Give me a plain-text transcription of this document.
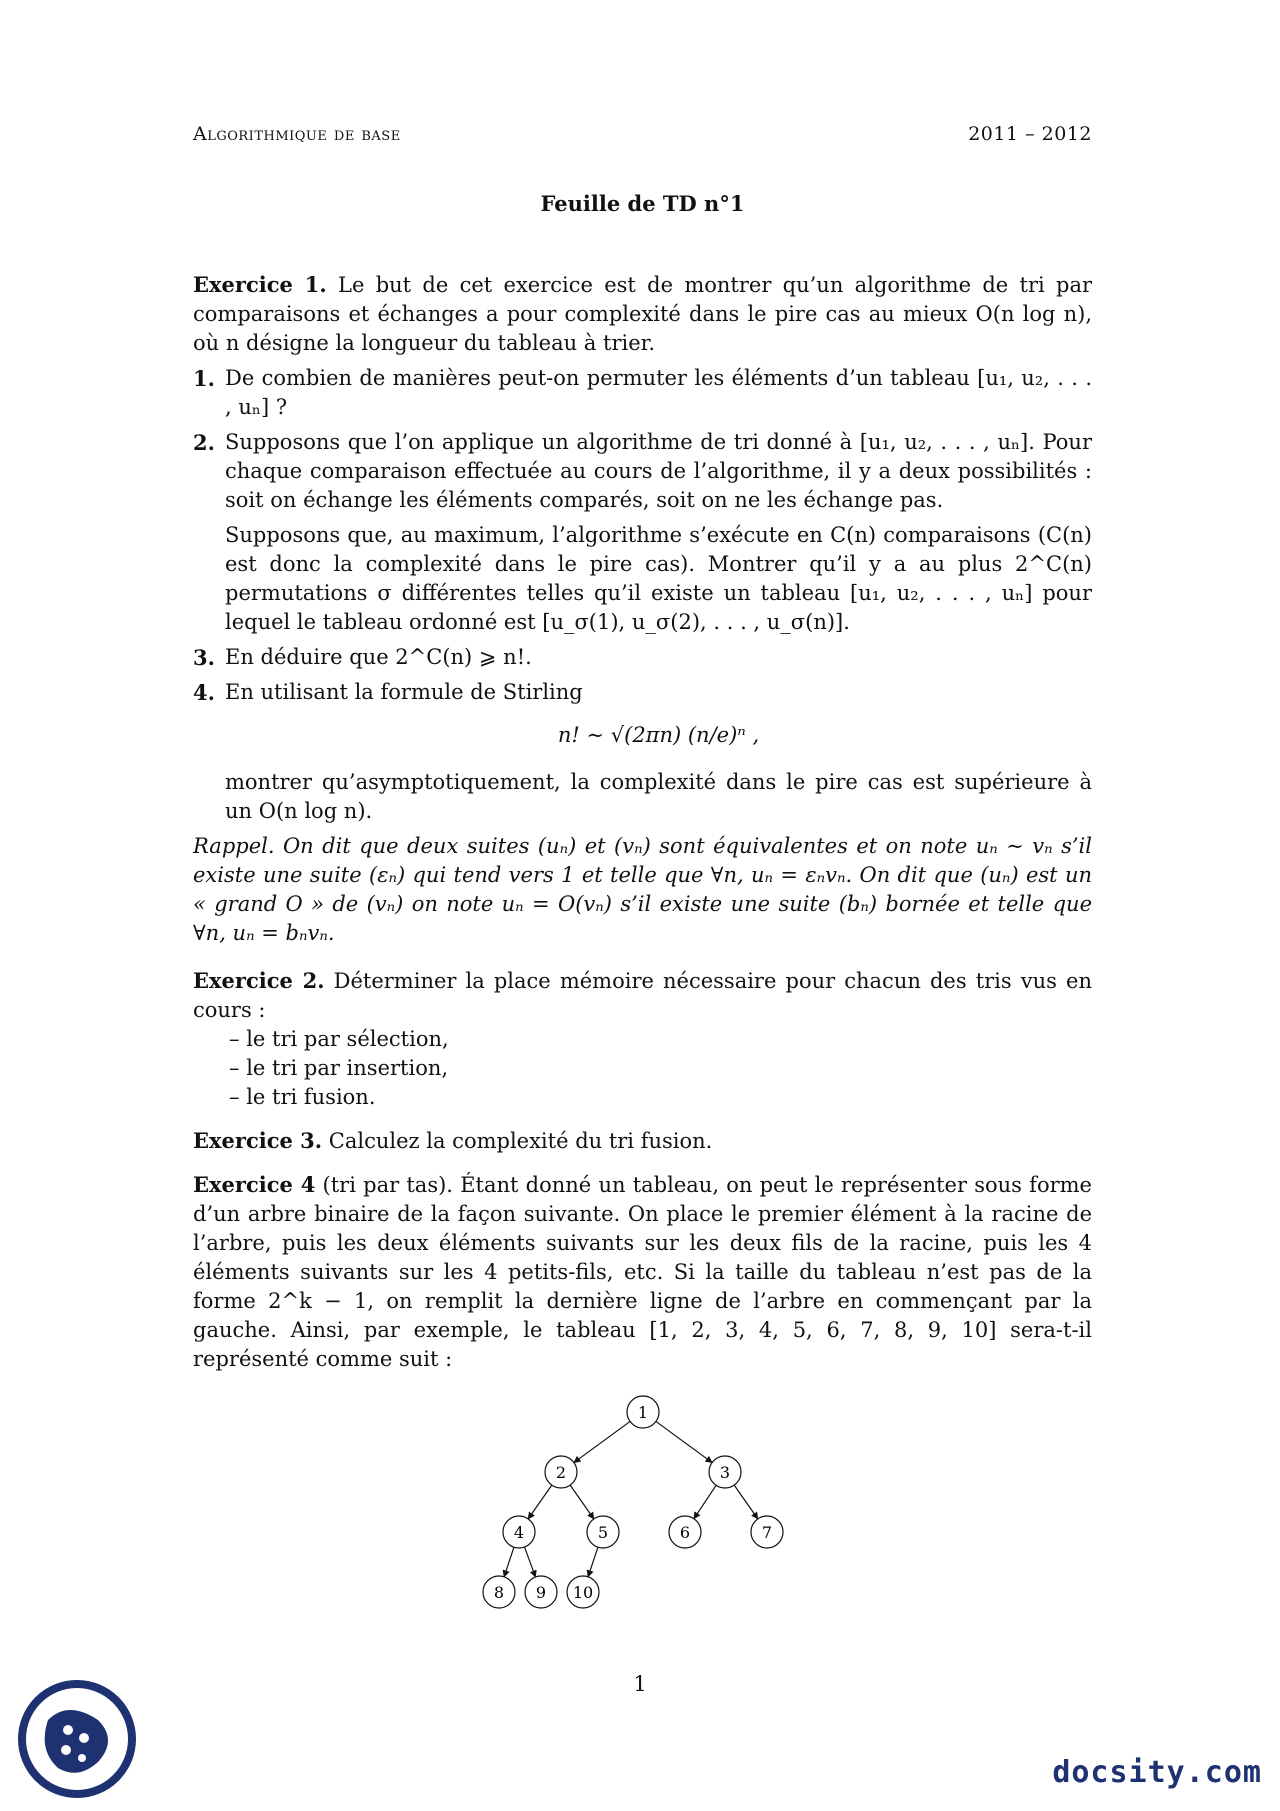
Algorithmique de base	2011 – 2012
Feuille de TD n°1
Exercice 1. Le but de cet exercice est de montrer qu’un algorithme de tri par comparaisons et échanges a pour complexité dans le pire cas au mieux O(n log n), où n désigne la longueur du tableau à trier.
1. De combien de manières peut-on permuter les éléments d’un tableau [u₁, u₂, . . . , uₙ] ?

2. Supposons que l’on applique un algorithme de tri donné à [u₁, u₂, . . . , uₙ]. Pour chaque comparaison effectuée au cours de l’algorithme, il y a deux possibilités : soit on échange les éléments comparés, soit on ne les échange pas.

Supposons que, au maximum, l’algorithme s’exécute en C(n) comparaisons (C(n) est donc la complexité dans le pire cas). Montrer qu’il y a au plus 2^C(n) permutations σ différentes telles qu’il existe un tableau [u₁, u₂, . . . , uₙ] pour lequel le tableau ordonné est [u_σ(1), u_σ(2), . . . , u_σ(n)].

3. En déduire que 2^C(n) ⩾ n!.

4. En utilisant la formule de Stirling

n! ∼ √(2πn) (n/e)ⁿ ,

montrer qu’asymptotiquement, la complexité dans le pire cas est supérieure à un O(n log n).

Rappel. On dit que deux suites (uₙ) et (vₙ) sont équivalentes et on note uₙ ∼ vₙ s’il existe une suite (εₙ) qui tend vers 1 et telle que ∀n, uₙ = εₙvₙ. On dit que (uₙ) est un « grand O » de (vₙ) on note uₙ = O(vₙ) s’il existe une suite (bₙ) bornée et telle que ∀n, uₙ = bₙvₙ.
Exercice 2. Déterminer la place mémoire nécessaire pour chacun des tris vus en cours :
– le tri par sélection,
– le tri par insertion,
– le tri fusion.
Exercice 3. Calculez la complexité du tri fusion.
Exercice 4 (tri par tas). Étant donné un tableau, on peut le représenter sous forme d’un arbre binaire de la façon suivante. On place le premier élément à la racine de l’arbre, puis les deux éléments suivants sur les deux fils de la racine, puis les 4 éléments suivants sur les 4 petits-fils, etc. Si la taille du tableau n’est pas de la forme 2^k − 1, on remplit la dernière ligne de l’arbre en commençant par la gauche. Ainsi, par exemple, le tableau [1, 2, 3, 4, 5, 6, 7, 8, 9, 10] sera-t-il représenté comme suit :
1
2	3
4	5	6	7
8 9 10
1
docsity.com
